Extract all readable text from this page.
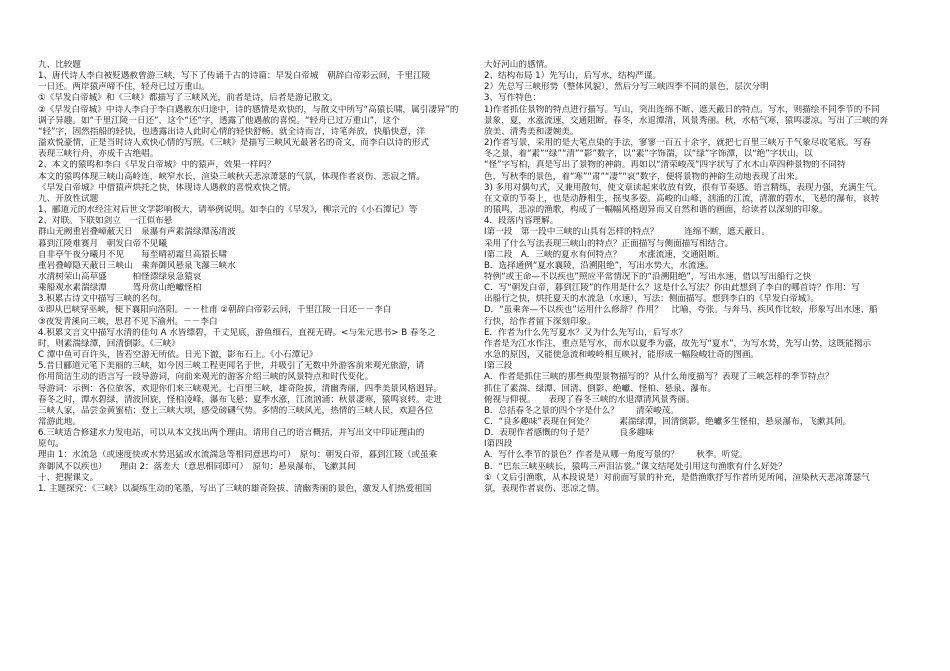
九、比较题
1、唐代诗人李白被贬遇赦曾游三峡，写下了传诵千古的诗篇：早发白帝城　朝辞白帝彩云间，千里江陵
一日还。两岸猿声啼不住，轻舟已过万重山。
①《早发白帝城》和《三峡》都描写了三峡风光，前者是诗，后者是游记散文。
②《早发白帝城》中诗人李白于李白遇赦东归途中，诗的感情是欢快的，与散文中所写“高猿长啸，属引凄异”的
调子异趣。如“千里江陵一日还”，这个“还”字，透露了他遇赦的喜悦。“轻舟已过万重山”，这个
“轻”字，固然指船的轻快，也透露出诗人此时心情的轻快舒畅。就全诗而言，诗笔奔放，快船快意，洋
溢欢悦豪情，正是当时诗人欢快心情的写照。《三峡》是描写三峡风光最著名的奇文，而李白以诗的形式
表现三峡行舟，亦成千古绝唱。
2、本文的猿鸣和李白《早发白帝城》中的猿声，效果一样吗？
本文的猿鸣体现三峡山高岭连，峡窄水长，渲染三峡秋天悲凉萧瑟的气氛，体现作者哀伤、悲寂之情。
《早发白帝城》中借猿声烘托之快，体现诗人遇赦的喜悦欢快之情。
九、开放性试题
1、郦道元的水经注对后世文学影响极大，请举例说明。如李白的《早发》，柳宗元的《小石潭记》等
2、对联。下联如剑立　一江似布悬
群山无阙重岩叠嶂蔽天日　泉瀑有声素湍绿潭荡清波
暮到江陵难赛月　朝发白帝不见曦
自非亭午夜分曦月不见　　每至晴初霜旦高猿长啸
重岩叠嶂隐天蔽日三峡山　乘奔御风悬泉飞瀑三峡水
水清树荣山高草盛　　　柏怪漂绿泉急猿哀
乘船观水素湍绿潭　　　驾舟赏山绝巘怪柏
3.积累古诗文中描写三峡的名句。
①即从巴峡穿巫峡，便下襄阳向洛阳。－－杜甫 ②朝辞白帝彩云间，千里江陵一日还－－李白
③夜发青溪向三峡，思君不见下渝州。－－李白
4.积累文言文中描写水清的佳句 A 水皆缥碧，千丈见底，游鱼细石，直视无碍。<与朱元思书> B 春冬之
时，则素湍绿潭，回清倒影。《三峡》
C 潭中鱼可百许头，皆若空游无所依。日光下澈，影布石上。《小石潭记》
5.昔日郦道元笔下美丽的三峡，如今因三峡工程更闻名于世，并吸引了无数中外游客前来观光旅游，请
你用简洁生动的语言写一段导游词，向前来观光的游客介绍三峡的风景特点和时代变化。
导游词：示例：各位旅客，欢迎你们来三峡观光。七百里三峡，雄奇险拔，清幽秀丽，四季美景风格迥异。
春冬之时，潭水碧绿，清波回旋，怪柏凌峰，瀑布飞悬；夏季水涨，江流汹涌；秋景凄寒，猿鸣哀转。走进
三峡人家，品尝金黄蜜桔；登上三峡大坝，感受磅礴气势。多情的三峡风光，热情的三峡人民，欢迎各位
常游此地。
6.三峡适合修建水力发电站，可以从本文找出两个理由。请用自己的语言概括，并写出文中印证理由的
原句。
理由 1：水流急（或速度快或水势迅猛或水流湍急等相同意思均可）　原句：朝发白帝，暮到江陵（或虽乘
奔御风不以疾也）　　理由 2：落差大（意思相同即可）　原句：悬泉瀑布，飞漱其间
十、把握课文。
1. 主题探究：《三峡》以凝练生动的笔墨，写出了三峡的雄奇险拔、清幽秀丽的景色，激发人们热爱祖国
大好河山的感情。
2、结构布局 1）先写山，后写水，结构严谨。
2）先总写三峡形势（整体风貌），然后分写三峡四季不同的景色，层次分明
3、写作特色：
1)作者抓住景物的特点进行描写。写山，突出连绵不断、遮天蔽日的特点。写水，则描绘不同季节的不同
景象，夏，水涨流速，交通阻断。春冬，水退潭清，风景秀丽。秋，水枯气寒，猿鸣凄凉。写出了三峡的奔
放美、清秀美和凄婉美。
2)作者写景，采用的是大笔点染的手法，寥寥一百五十余字，就把七百里三峡万千气象尽收笔底。写春
冬之景，着“素”“绿”“清”“影”数字，以“素”字饰湍，以“绿”字饰潭，以“绝”字状山，以
“怪”字写柏，真是写出了景物的神韵。再如以“清荣峻茂”四字状写了水木山草四种景物的不同特
色，写秋季的景色，着“寒”“肃”“凄”“哀”数字，便将景物的神韵生动地表现了出来。
3) 多用对偶句式，又兼用散句，使文章读起来收放有致，很有节奏感。语言精练，表现力强，充满生气。
在文章的节奏上，也是动静相生，摇曳多姿。高峻的山峰，汹涌的江流，清澈的碧水，飞悬的瀑布，哀转
的猿鸣，悲凉的渔歌，构成了一幅幅风格迥异而又自然和谐的画面，给读者以深刻的印象。
4．段落内容理解。
Ⅰ第一段　第一段中三峡的山具有怎样的特点？　　　连绵不断，遮天蔽日。
采用了什么写法表现三峡山的特点？正面描写与侧面描写相结合。
Ⅰ第二段　A．三峡的夏水有何特点？　　水涨流速，交通阻断。
B．选择通例“夏水襄陵，沿溯阻绝”，写出水势大，水流速。
特例“或王命—不以疾也”照应平常情况下的“沿溯阻绝”，写出水速，借以写出船行之快
C．写“朝发白帝，暮到江陵”的作用是什么？这是什么写法？你由此想到了李白的哪首诗？作用：写
出船行之快，烘托夏天的水流急（水速），写法：侧面描写。想到李白的《早发白帝城》。
D．“虽乘奔—不以疾也”运用什么修辞？作用？　比喻，夸张。与奔马、疾风作比较，形象写出水速、船
行快，给作者留下深刻印象。
E．作者为什么先写夏水？又为什么先写山，后写水？
作者是为江水作注，重点是写水，而水以夏季为盛，故先写“夏水”，为写水势，先写山势，这既能揭示
水急的原因，又能使急流和峻岭相互映衬，能形成一幅险峻壮奇的图画。
Ⅰ第三段
A．作者是抓住三峡的那些典型景物描写的？从什么角度描写？表现了三峡怎样的季节特点？
抓住了素湍、绿潭、回清、倒影、绝巘、怪柏、悬泉、瀑布。
俯视与仰视。　　表现了春冬三峡的水退潭清风景秀丽。
B．总括春冬之景的四个字是什么？　　清荣峻茂。
C．“良多趣味”表现在何处？　　　素湍绿潭，回清倒影。绝巘多生怪柏，悬泉瀑布，飞漱其间。
D．表现作者感慨的句子是？　　　良多趣味
Ⅰ第四段
A．写什么季节的景色？作者是从哪一角度写景的？　　秋季。听觉。
B．“巴东三峡巫峡长，猿鸣三声泪沾裳。”课文结尾处引用这句渔歌有什么好处？
①（文后引渔歌，从本段说是）对前面写景的补充，是借渔歌抒写作者所见所闻，渲染秋天悲凉萧瑟气
氛，表现作者哀伤、悲凉之情。
